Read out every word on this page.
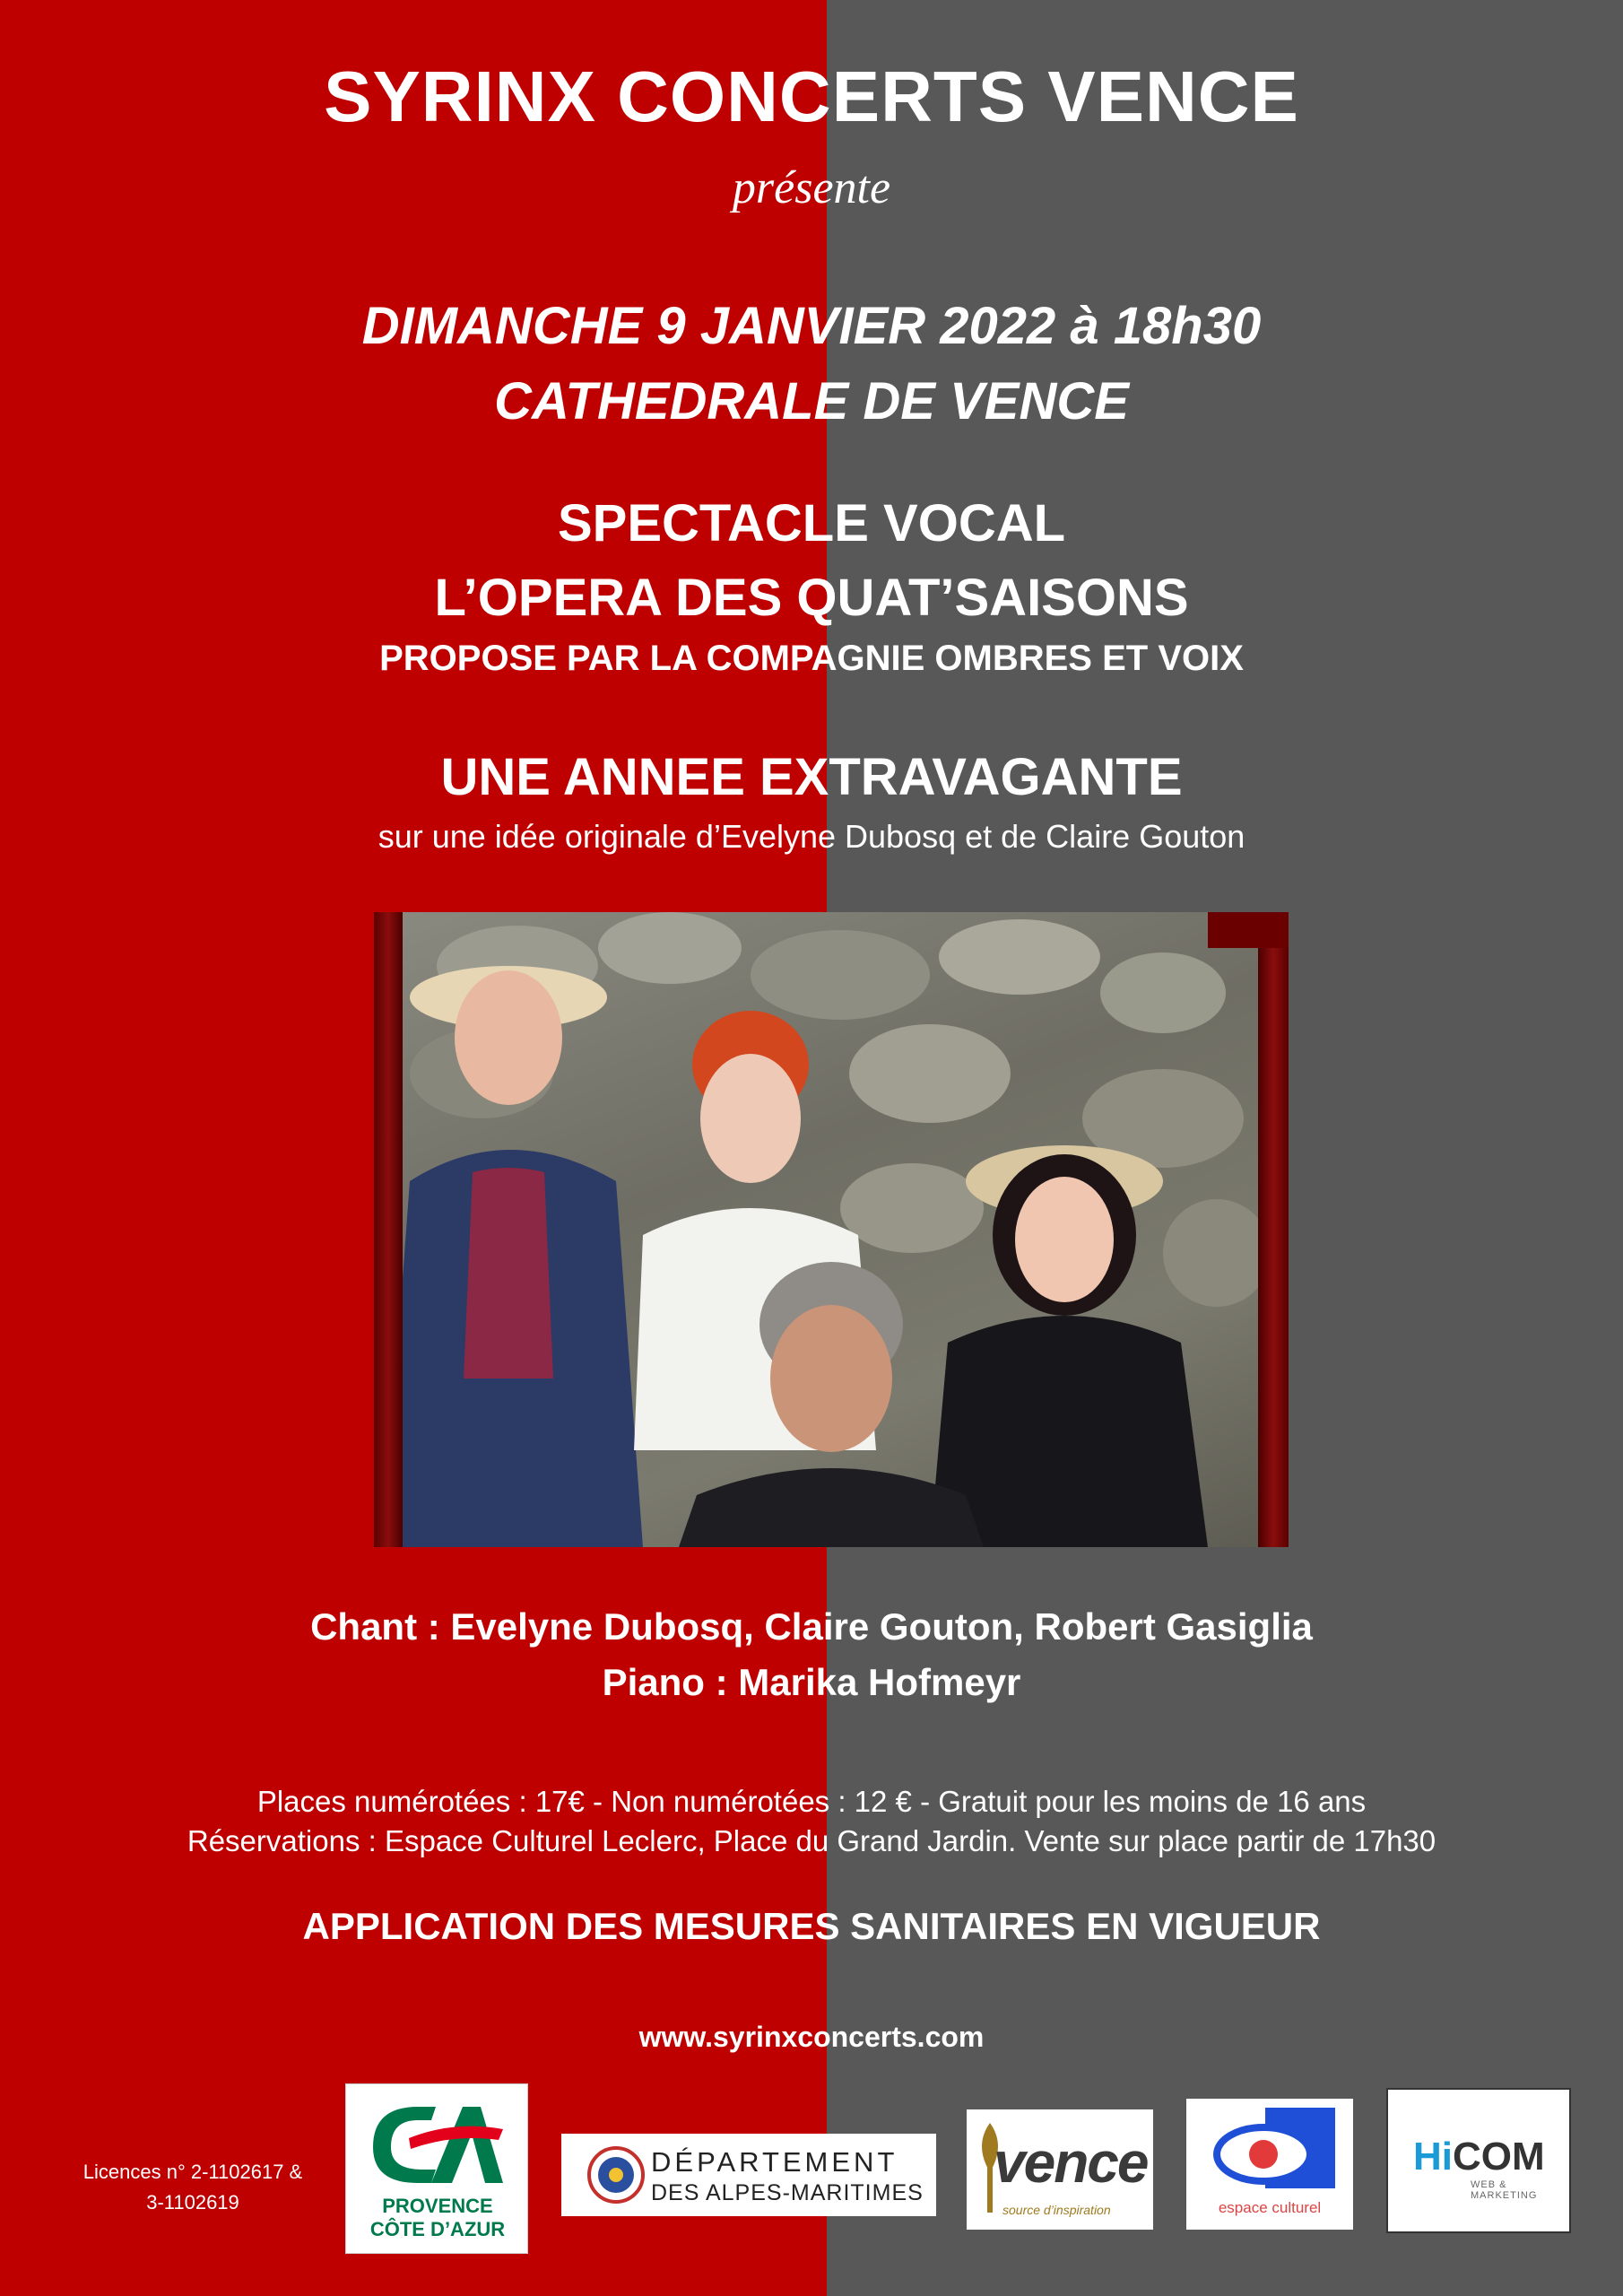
SYRINX CONCERTS VENCE
présente
DIMANCHE 9 JANVIER 2022 à 18h30
CATHEDRALE DE VENCE
SPECTACLE VOCAL
L’OPERA DES QUAT’SAISONS
PROPOSE PAR LA COMPAGNIE OMBRES ET VOIX
UNE ANNEE EXTRAVAGANTE
sur une idée originale d’Evelyne Dubosq et de Claire Gouton
Chant : Evelyne Dubosq, Claire Gouton, Robert Gasiglia
Piano : Marika Hofmeyr
Places numérotées : 17€ - Non numérotées : 12 € - Gratuit pour les moins de 16 ans
Réservations : Espace Culturel Leclerc, Place du Grand Jardin. Vente sur place partir de 17h30
APPLICATION DES MESURES SANITAIRES EN VIGUEUR
www.syrinxconcerts.com
Licences n° 2-1102617 &
3-1102619	PROVENCE
CÔTE D’AZUR
DÉPARTEMENT
DES ALPES-MARITIMES vence
source d’inspiration	espace culturel
HiCOM
WEB & MARKETING
